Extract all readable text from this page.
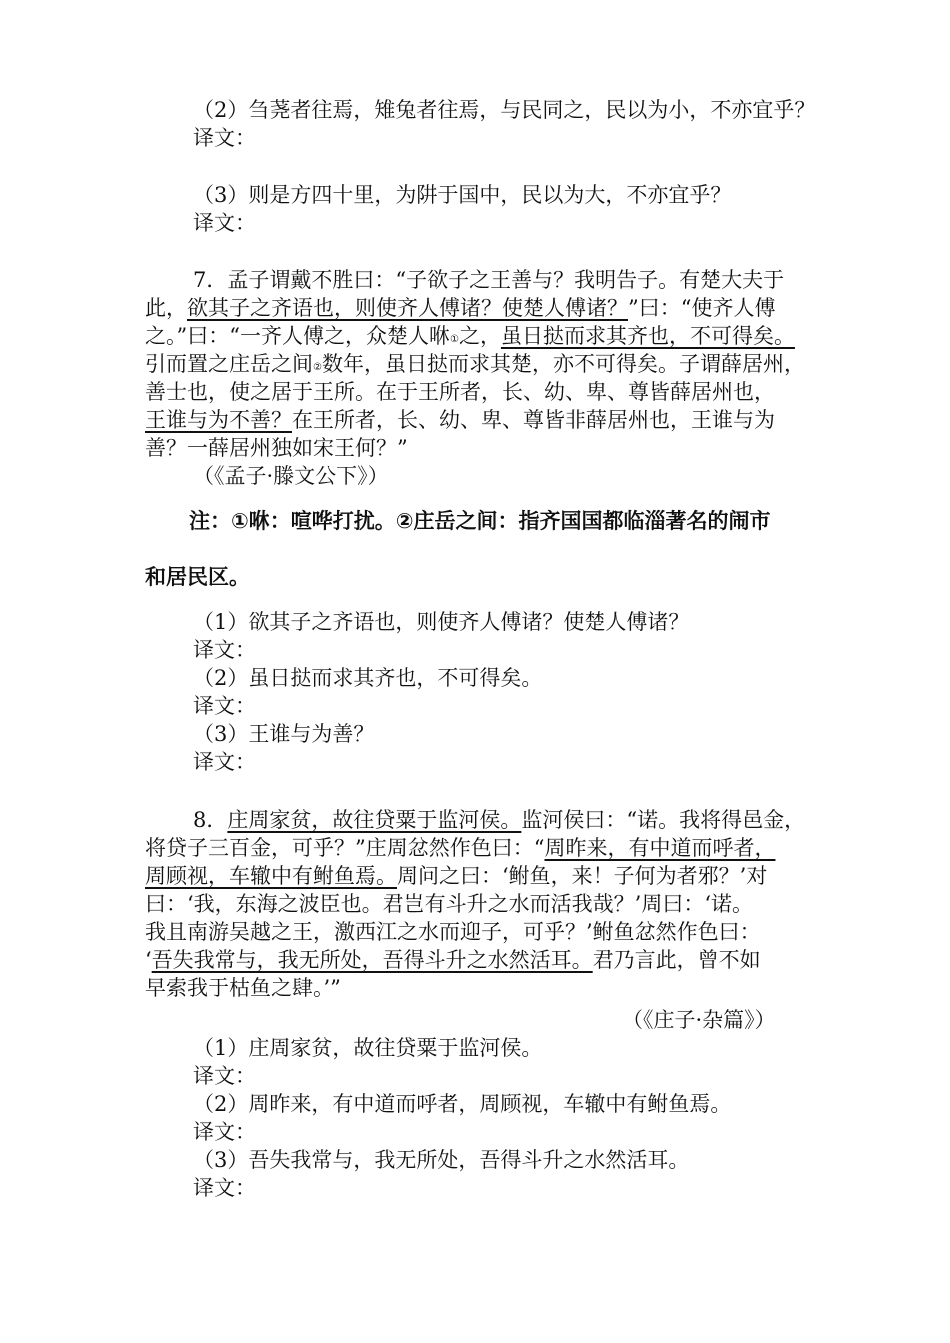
（2）刍荛者往焉，雉兔者往焉，与民同之，民以为小，不亦宜乎？
译文：
（3）则是方四十里，为阱于国中，民以为大，不亦宜乎？
译文：
7．孟子谓戴不胜曰：“子欲子之王善与？我明告子。有楚大夫于
此，欲其子之齐语也，则使齐人傅诸？使楚人傅诸？”曰：“使齐人傅
之。”曰：“一齐人傅之，众楚人咻①之，虽日挞而求其齐也，不可得矣。
引而置之庄岳之间②数年，虽日挞而求其楚，亦不可得矣。子谓薛居州，
善士也，使之居于王所。在于王所者，长、幼、卑、尊皆薛居州也，
王谁与为不善？在王所者，长、幼、卑、尊皆非薛居州也，王谁与为
善？一薛居州独如宋王何？”
（《孟子·滕文公下》）
注：①咻：喧哗打扰。②庄岳之间：指齐国国都临淄著名的闹市
和居民区。
（1）欲其子之齐语也，则使齐人傅诸？使楚人傅诸？
译文：
（2）虽日挞而求其齐也，不可得矣。
译文：
（3）王谁与为善？
译文：
8．庄周家贫，故往贷粟于监河侯。监河侯曰：“诺。我将得邑金，
将贷子三百金，可乎？”庄周忿然作色曰：“周昨来，有中道而呼者，
周顾视，车辙中有鲋鱼焉。周问之曰：‘鲋鱼，来！子何为者邪？’对
曰：‘我，东海之波臣也。君岂有斗升之水而活我哉？’周曰：‘诺。
我且南游吴越之王，激西江之水而迎子，可乎？’鲋鱼忿然作色曰：
‘吾失我常与，我无所处，吾得斗升之水然活耳。君乃言此，曾不如
早索我于枯鱼之肆。’”
（《庄子·杂篇》）
（1）庄周家贫，故往贷粟于监河侯。
译文：
（2）周昨来，有中道而呼者，周顾视，车辙中有鲋鱼焉。
译文：
（3）吾失我常与，我无所处，吾得斗升之水然活耳。
译文：
